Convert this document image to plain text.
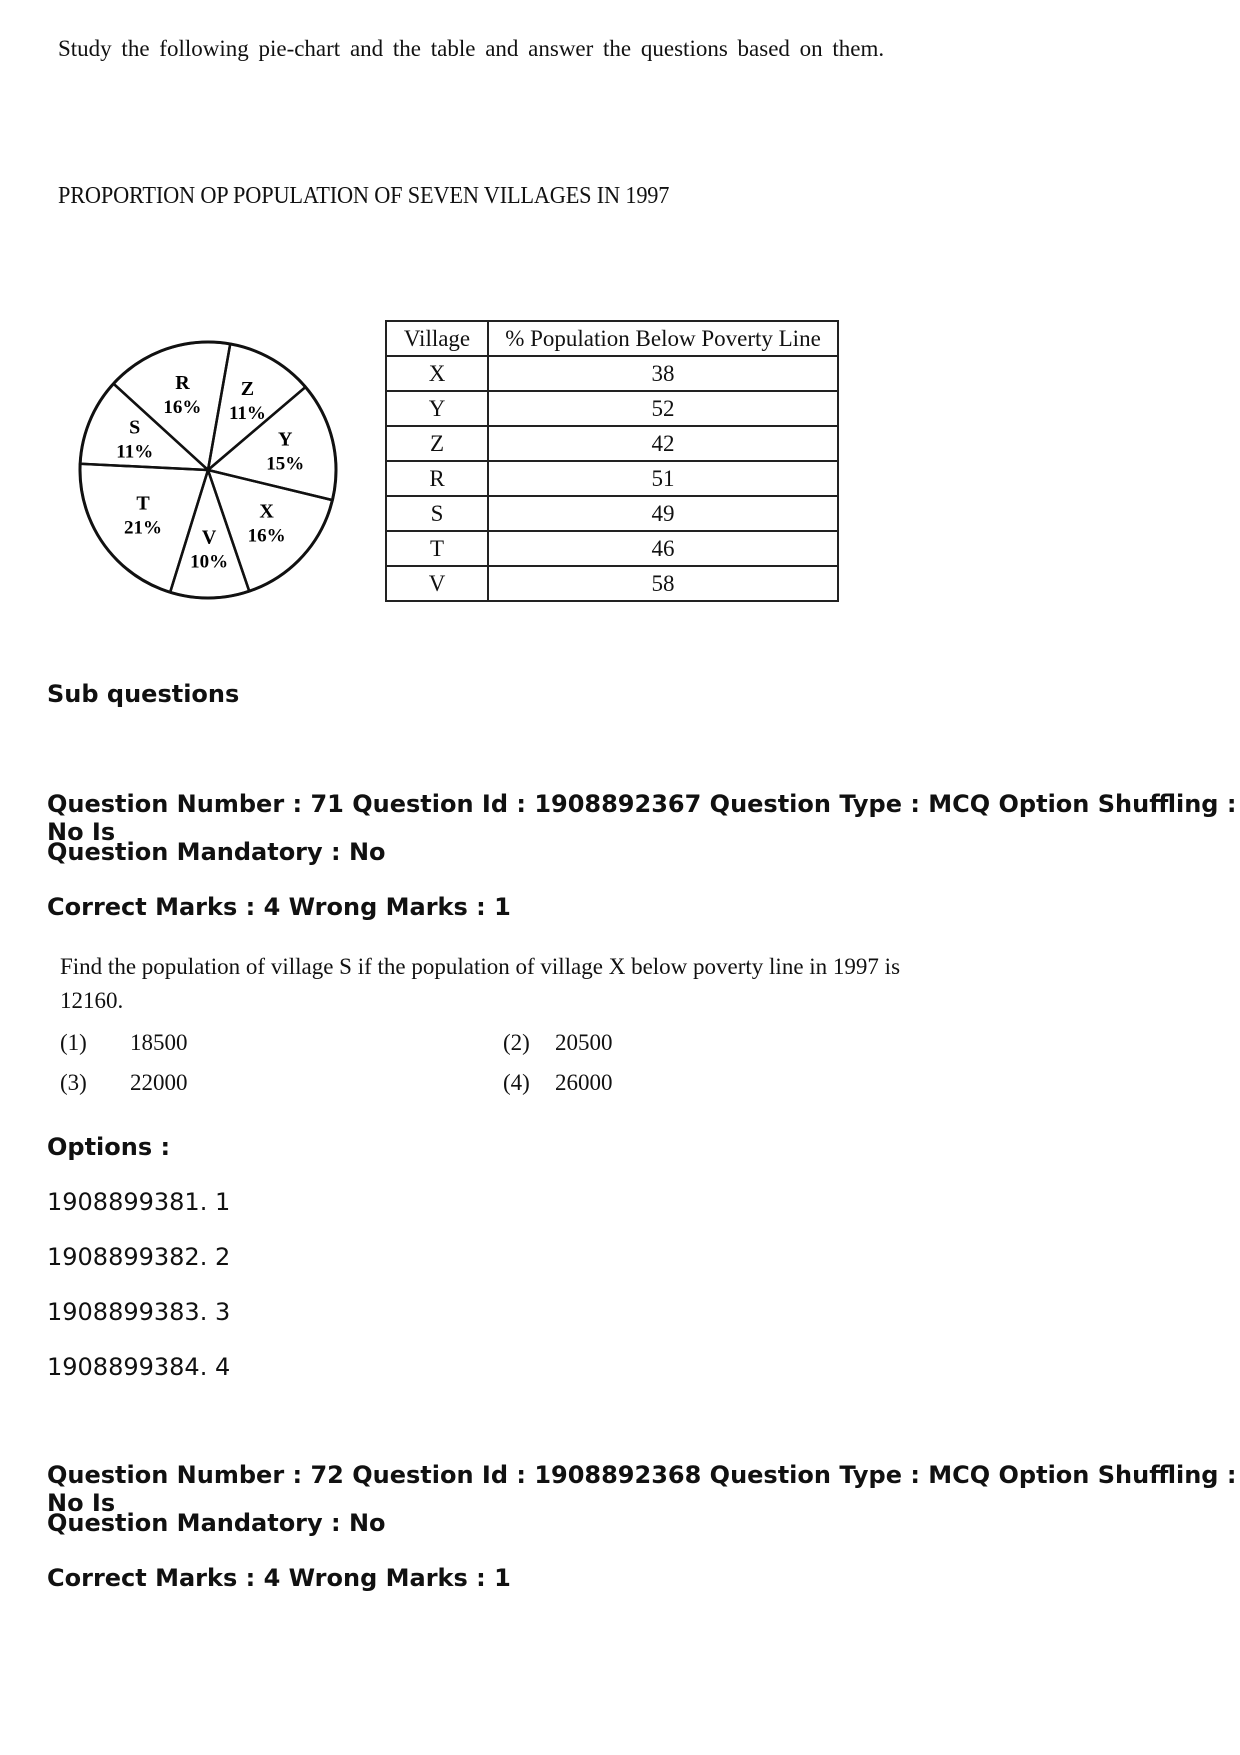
Study the following pie-chart and the table and answer the questions based on them.
PROPORTION OP POPULATION OF SEVEN VILLAGES IN 1997
Z
11%
Y
15%
X
16%
V
10%
T
21%
S
11%
R
16%
Village	% Population Below Poverty Line
X	38
Y	52
Z	42
R	51
S	49
T	46
V	58
Sub questions
Question Number : 71 Question Id : 1908892367 Question Type : MCQ Option Shuffling : No Is
Question Mandatory : No
Correct Marks : 4 Wrong Marks : 1
Find the population of village S if the population of village X below poverty line in 1997 is 12160.
(1) 18500	(2) 20500
(3) 22000	(4) 26000
Options :
1908899381. 1
1908899382. 2
1908899383. 3
1908899384. 4
Question Number : 72 Question Id : 1908892368 Question Type : MCQ Option Shuffling : No Is
Question Mandatory : No
Correct Marks : 4 Wrong Marks : 1
